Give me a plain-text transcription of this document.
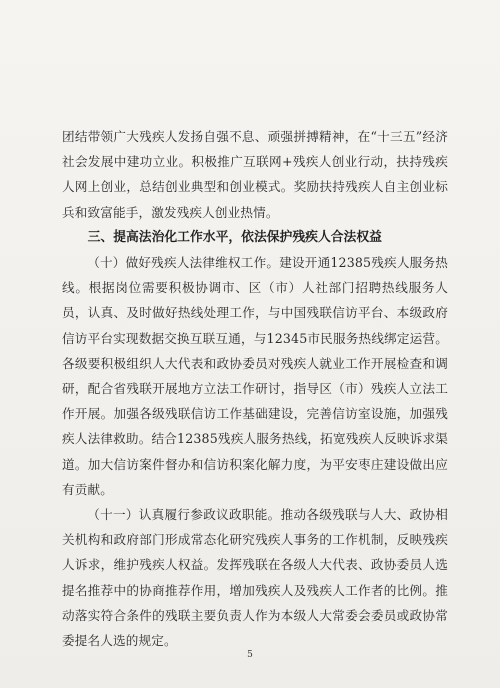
团结带领广大残疾人发扬自强不息、顽强拼搏精神，在“十三五”经济社会发展中建功立业。积极推广互联网+残疾人创业行动，扶持残疾人网上创业，总结创业典型和创业模式。奖励扶持残疾人自主创业标兵和致富能手，激发残疾人创业热情。

三、提高法治化工作水平，依法保护残疾人合法权益

（十）做好残疾人法律维权工作。建设开通12385残疾人服务热线。根据岗位需要积极协调市、区（市）人社部门招聘热线服务人员，认真、及时做好热线处理工作，与中国残联信访平台、本级政府信访平台实现数据交换互联互通，与12345市民服务热线绑定运营。各级要积极组织人大代表和政协委员对残疾人就业工作开展检查和调研，配合省残联开展地方立法工作研讨，指导区（市）残疾人立法工作开展。加强各级残联信访工作基础建设，完善信访室设施，加强残疾人法律救助。结合12385残疾人服务热线，拓宽残疾人反映诉求渠道。加大信访案件督办和信访积案化解力度，为平安枣庄建设做出应有贡献。

（十一）认真履行参政议政职能。推动各级残联与人大、政协相关机构和政府部门形成常态化研究残疾人事务的工作机制，反映残疾人诉求，维护残疾人权益。发挥残联在各级人大代表、政协委员人选提名推荐中的协商推荐作用，增加残疾人及残疾人工作者的比例。推动落实符合条件的残联主要负责人作为本级人大常委会委员或政协常委提名人选的规定。

5
